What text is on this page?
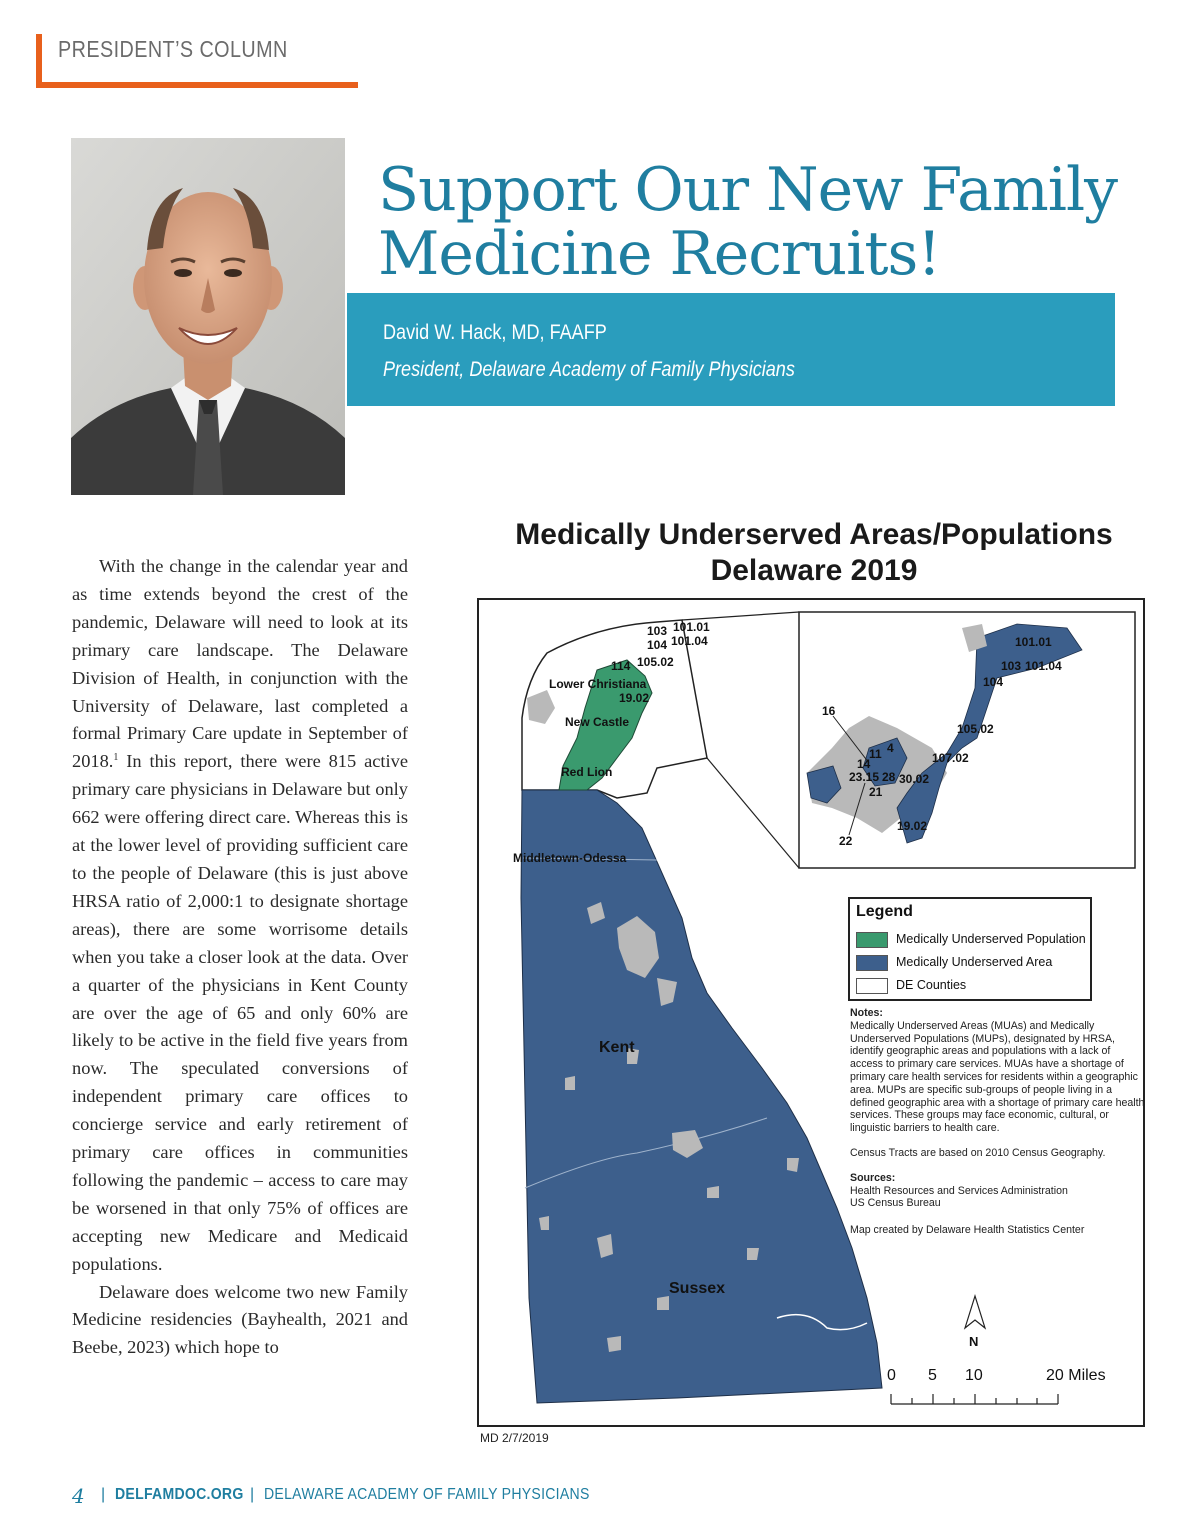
PRESIDENT’S COLUMN
Support Our New Family
Medicine Recruits!
David W. Hack, MD, FAAFP
President, Delaware Academy of Family Physicians

With the change in the calendar year and as time extends beyond the crest of the pandemic, Delaware will need to look at its primary care landscape. The Delaware Division of Health, in conjunction with the University of Delaware, last completed a formal Primary Care update in September of 2018.$^1$ In this report, there were 815 active primary care physicians in Delaware but only 662 were offering direct care. Whereas this is at the lower level of providing sufficient care to the people of Delaware (this is just above HRSA ratio of 2,000:1 to designate shortage areas), there are some worrisome details when you take a closer look at the data. Over a quarter of the physicians in Kent County are over the age of 65 and only 60% are likely to be active in the field five years from now. The speculated conversions of independent primary care offices to concierge service and early retirement of primary care offices in communities following the pandemic – access to care may be worsened in that only 75% of offices are accepting new Medicare and Medicaid populations.

Delaware does welcome two new Family Medicine residencies (Bayhealth, 2021 and Beebe, 2023) which hope to

Medically Underserved Areas/Populations
Delaware 2019
103 101.01
104 101.04
114 105.02
Lower Christiana
19.02
New Castle
Red Lion
Middletown-Odessa
Kent
Sussex
101.01
103 101.04
104
16
105.02
4
11
14	107.02
23.15 28 30.02
21
19.02
22
N
0 5 10	20 Miles
Legend
Medically Underserved Population
Medically Underserved Area
DE Counties

Notes:

Medically Underserved Areas (MUAs) and Medically Underserved Populations (MUPs), designated by HRSA, identify geographic areas and populations with a lack of access to primary care services. MUAs have a shortage of primary care health services for residents within a geographic area. MUPs are specific sub-groups of people living in a defined geographic area with a shortage of primary care health services. These groups may face economic, cultural, or linguistic barriers to health care.

Census Tracts are based on 2010 Census Geography.

Sources:

Health Resources and Services Administration

US Census Bureau

Map created by Delaware Health Statistics Center

MD 2/7/2019
4 | DELFAMDOC.ORG | DELAWARE ACADEMY OF FAMILY PHYSICIANS
